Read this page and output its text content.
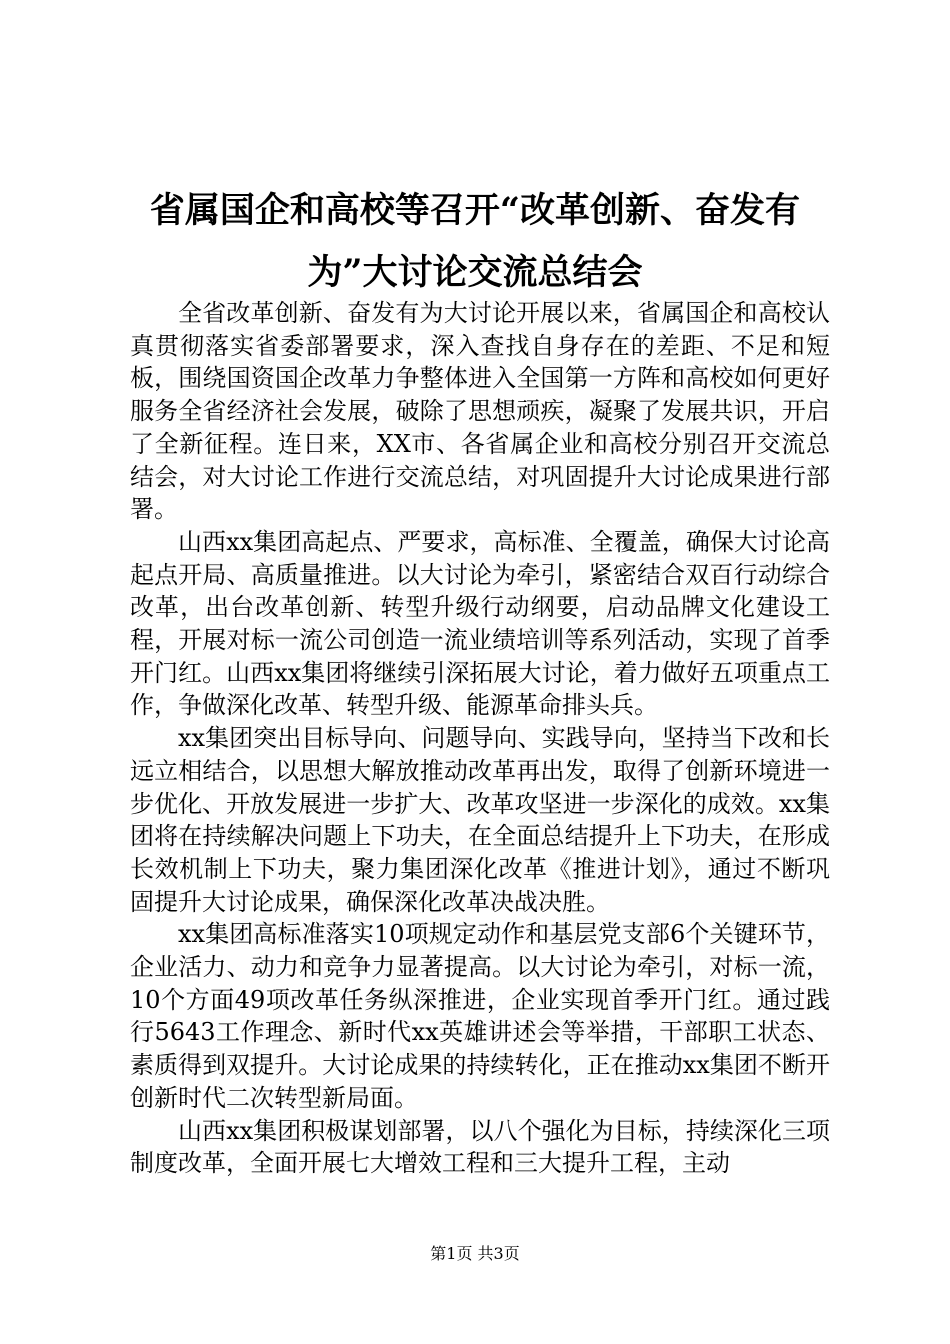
省属国企和高校等召开“改革创新、奋发有
为”大讨论交流总结会

全省改革创新、奋发有为大讨论开展以来，省属国企和高校认真贯彻落实省委部署要求，深入查找自身存在的差距、不足和短板，围绕国资国企改革力争整体进入全国第一方阵和高校如何更好服务全省经济社会发展，破除了思想顽疾，凝聚了发展共识，开启了全新征程。连日来，XX市、各省属企业和高校分别召开交流总结会，对大讨论工作进行交流总结，对巩固提升大讨论成果进行部署。

山西xx集团高起点、严要求，高标准、全覆盖，确保大讨论高起点开局、高质量推进。以大讨论为牵引，紧密结合双百行动综合改革，出台改革创新、转型升级行动纲要，启动品牌文化建设工程，开展对标一流公司创造一流业绩培训等系列活动，实现了首季开门红。山西xx集团将继续引深拓展大讨论，着力做好五项重点工作，争做深化改革、转型升级、能源革命排头兵。

xx集团突出目标导向、问题导向、实践导向，坚持当下改和长远立相结合，以思想大解放推动改革再出发，取得了创新环境进一步优化、开放发展进一步扩大、改革攻坚进一步深化的成效。xx集团将在持续解决问题上下功夫，在全面总结提升上下功夫，在形成长效机制上下功夫，聚力集团深化改革《推进计划》，通过不断巩固提升大讨论成果，确保深化改革决战决胜。

xx集团高标准落实10项规定动作和基层党支部6个关键环节，企业活力、动力和竞争力显著提高。以大讨论为牵引，对标一流，10个方面49项改革任务纵深推进，企业实现首季开门红。通过践行5643工作理念、新时代xx英雄讲述会等举措，干部职工状态、素质得到双提升。大讨论成果的持续转化，正在推动xx集团不断开创新时代二次转型新局面。

山西xx集团积极谋划部署，以八个强化为目标，持续深化三项制度改革，全面开展七大增效工程和三大提升工程，主动

第1页 共3页
